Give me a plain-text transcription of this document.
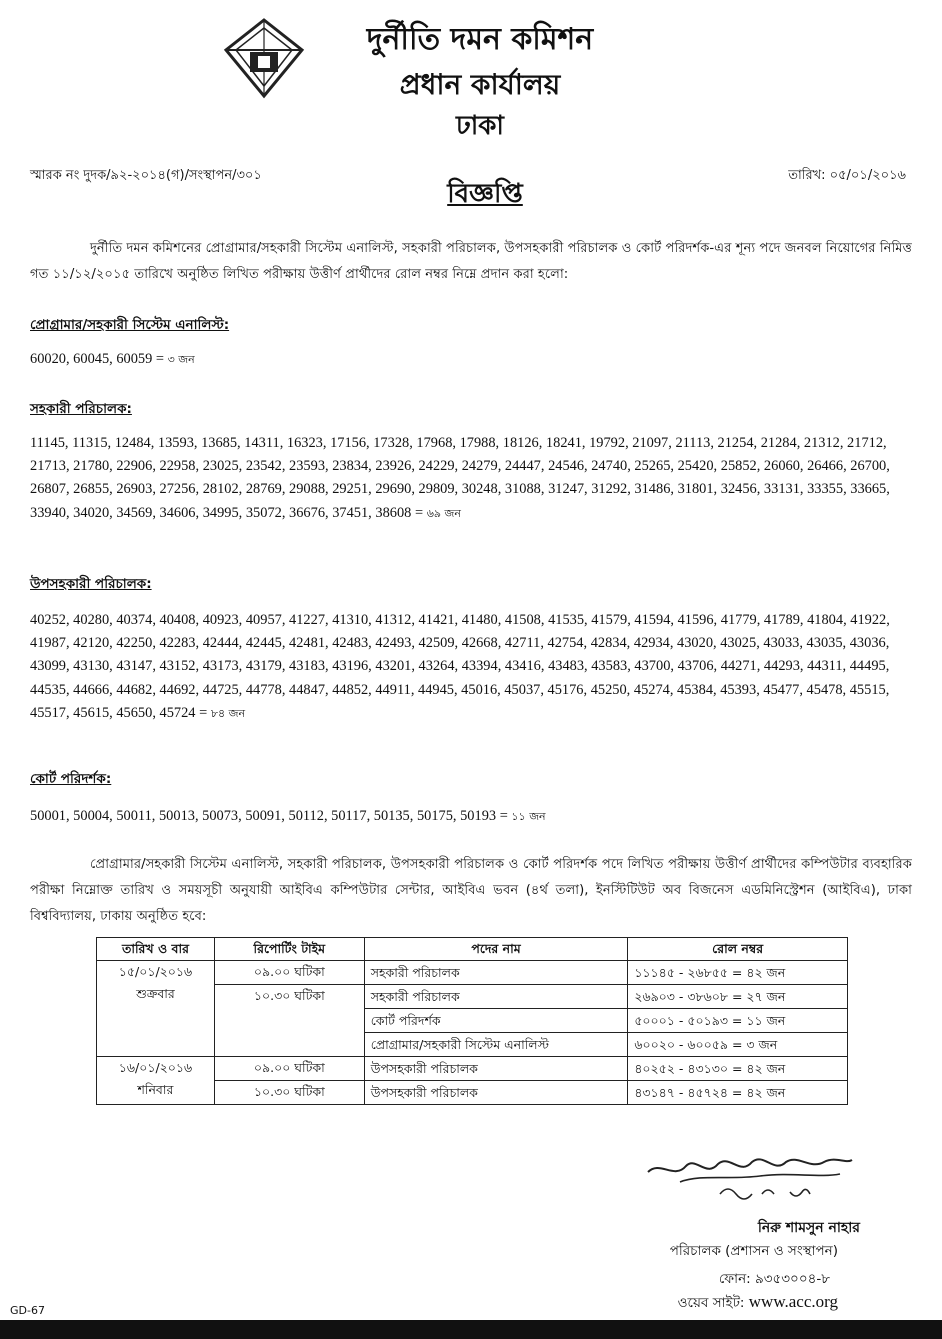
দুর্নীতি দমন কমিশন
প্রধান কার্যালয়
ঢাকা
স্মারক নং দুদক/৯২-২০১৪(গ)/সংস্থাপন/৩০১	তারিখ: ০৫/০১/২০১৬
বিজ্ঞপ্তি
দুর্নীতি দমন কমিশনের প্রোগ্রামার/সহকারী সিস্টেম এনালিস্ট, সহকারী পরিচালক, উপসহকারী পরিচালক ও কোর্ট পরিদর্শক-এর শূন্য পদে জনবল নিয়োগের নিমিত্ত গত ১১/১২/২০১৫ তারিখে অনুষ্ঠিত লিখিত পরীক্ষায় উত্তীর্ণ প্রার্থীদের রোল নম্বর নিম্নে প্রদান করা হলো:
প্রোগ্রামার/সহকারী সিস্টেম এনালিস্ট:
60020, 60045, 60059 = ৩ জন
সহকারী পরিচালক:
11145, 11315, 12484, 13593, 13685, 14311, 16323, 17156, 17328, 17968, 17988, 18126, 18241, 19792, 21097, 21113, 21254, 21284, 21312, 21712, 21713, 21780, 22906, 22958, 23025, 23542, 23593, 23834, 23926, 24229, 24279, 24447, 24546, 24740, 25265, 25420, 25852, 26060, 26466, 26700, 26807, 26855, 26903, 27256, 28102, 28769, 29088, 29251, 29690, 29809, 30248, 31088, 31247, 31292, 31486, 31801, 32456, 33131, 33355, 33665, 33940, 34020, 34569, 34606, 34995, 35072, 36676, 37451, 38608 = ৬৯ জন
উপসহকারী পরিচালক:
40252, 40280, 40374, 40408, 40923, 40957, 41227, 41310, 41312, 41421, 41480, 41508, 41535, 41579, 41594, 41596, 41779, 41789, 41804, 41922, 41987, 42120, 42250, 42283, 42444, 42445, 42481, 42483, 42493, 42509, 42668, 42711, 42754, 42834, 42934, 43020, 43025, 43033, 43035, 43036, 43099, 43130, 43147, 43152, 43173, 43179, 43183, 43196, 43201, 43264, 43394, 43416, 43483, 43583, 43700, 43706, 44271, 44293, 44311, 44495, 44535, 44666, 44682, 44692, 44725, 44778, 44847, 44852, 44911, 44945, 45016, 45037, 45176, 45250, 45274, 45384, 45393, 45477, 45478, 45515, 45517, 45615, 45650, 45724 = ৮৪ জন
কোর্ট পরিদর্শক:
50001, 50004, 50011, 50013, 50073, 50091, 50112, 50117, 50135, 50175, 50193 = ১১ জন
প্রোগ্রামার/সহকারী সিস্টেম এনালিস্ট, সহকারী পরিচালক, উপসহকারী পরিচালক ও কোর্ট পরিদর্শক পদে লিখিত পরীক্ষায় উত্তীর্ণ প্রার্থীদের কম্পিউটার ব্যবহারিক পরীক্ষা নিম্নোক্ত তারিখ ও সময়সূচী অনুযায়ী আইবিএ কম্পিউটার সেন্টার, আইবিএ ভবন (৪র্থ তলা), ইনস্টিটিউট অব বিজনেস এডমিনিস্ট্রেশন (আইবিএ), ঢাকা বিশ্ববিদ্যালয়, ঢাকায় অনুষ্ঠিত হবে:
তারিখ ও বার	রিপোর্টিং টাইম	পদের নাম	রোল নম্বর

১৫/০১/২০১৬
শুক্রবার	০৯.০০ ঘটিকা	সহকারী পরিচালক	১১১৪৫ - ২৬৮৫৫ = ৪২ জন
	১০.৩০ ঘটিকা	সহকারী পরিচালক	২৬৯০৩ - ৩৮৬০৮ = ২৭ জন
		কোর্ট পরিদর্শক	৫০০০১ - ৫০১৯৩ = ১১ জন
		প্রোগ্রামার/সহকারী সিস্টেম এনালিস্ট	৬০০২০ - ৬০০৫৯ = ৩ জন

১৬/০১/২০১৬
শনিবার	০৯.০০ ঘটিকা	উপসহকারী পরিচালক	৪০২৫২ - ৪৩১৩০ = ৪২ জন
	১০.৩০ ঘটিকা	উপসহকারী পরিচালক	৪৩১৪৭ - ৪৫৭২৪ = ৪২ জন
নিরু শামসুন নাহার
পরিচালক (প্রশাসন ও সংস্থাপন)
ফোন: ৯৩৫৩০০৪-৮
ওয়েব সাইট: www.acc.org
GD-67
